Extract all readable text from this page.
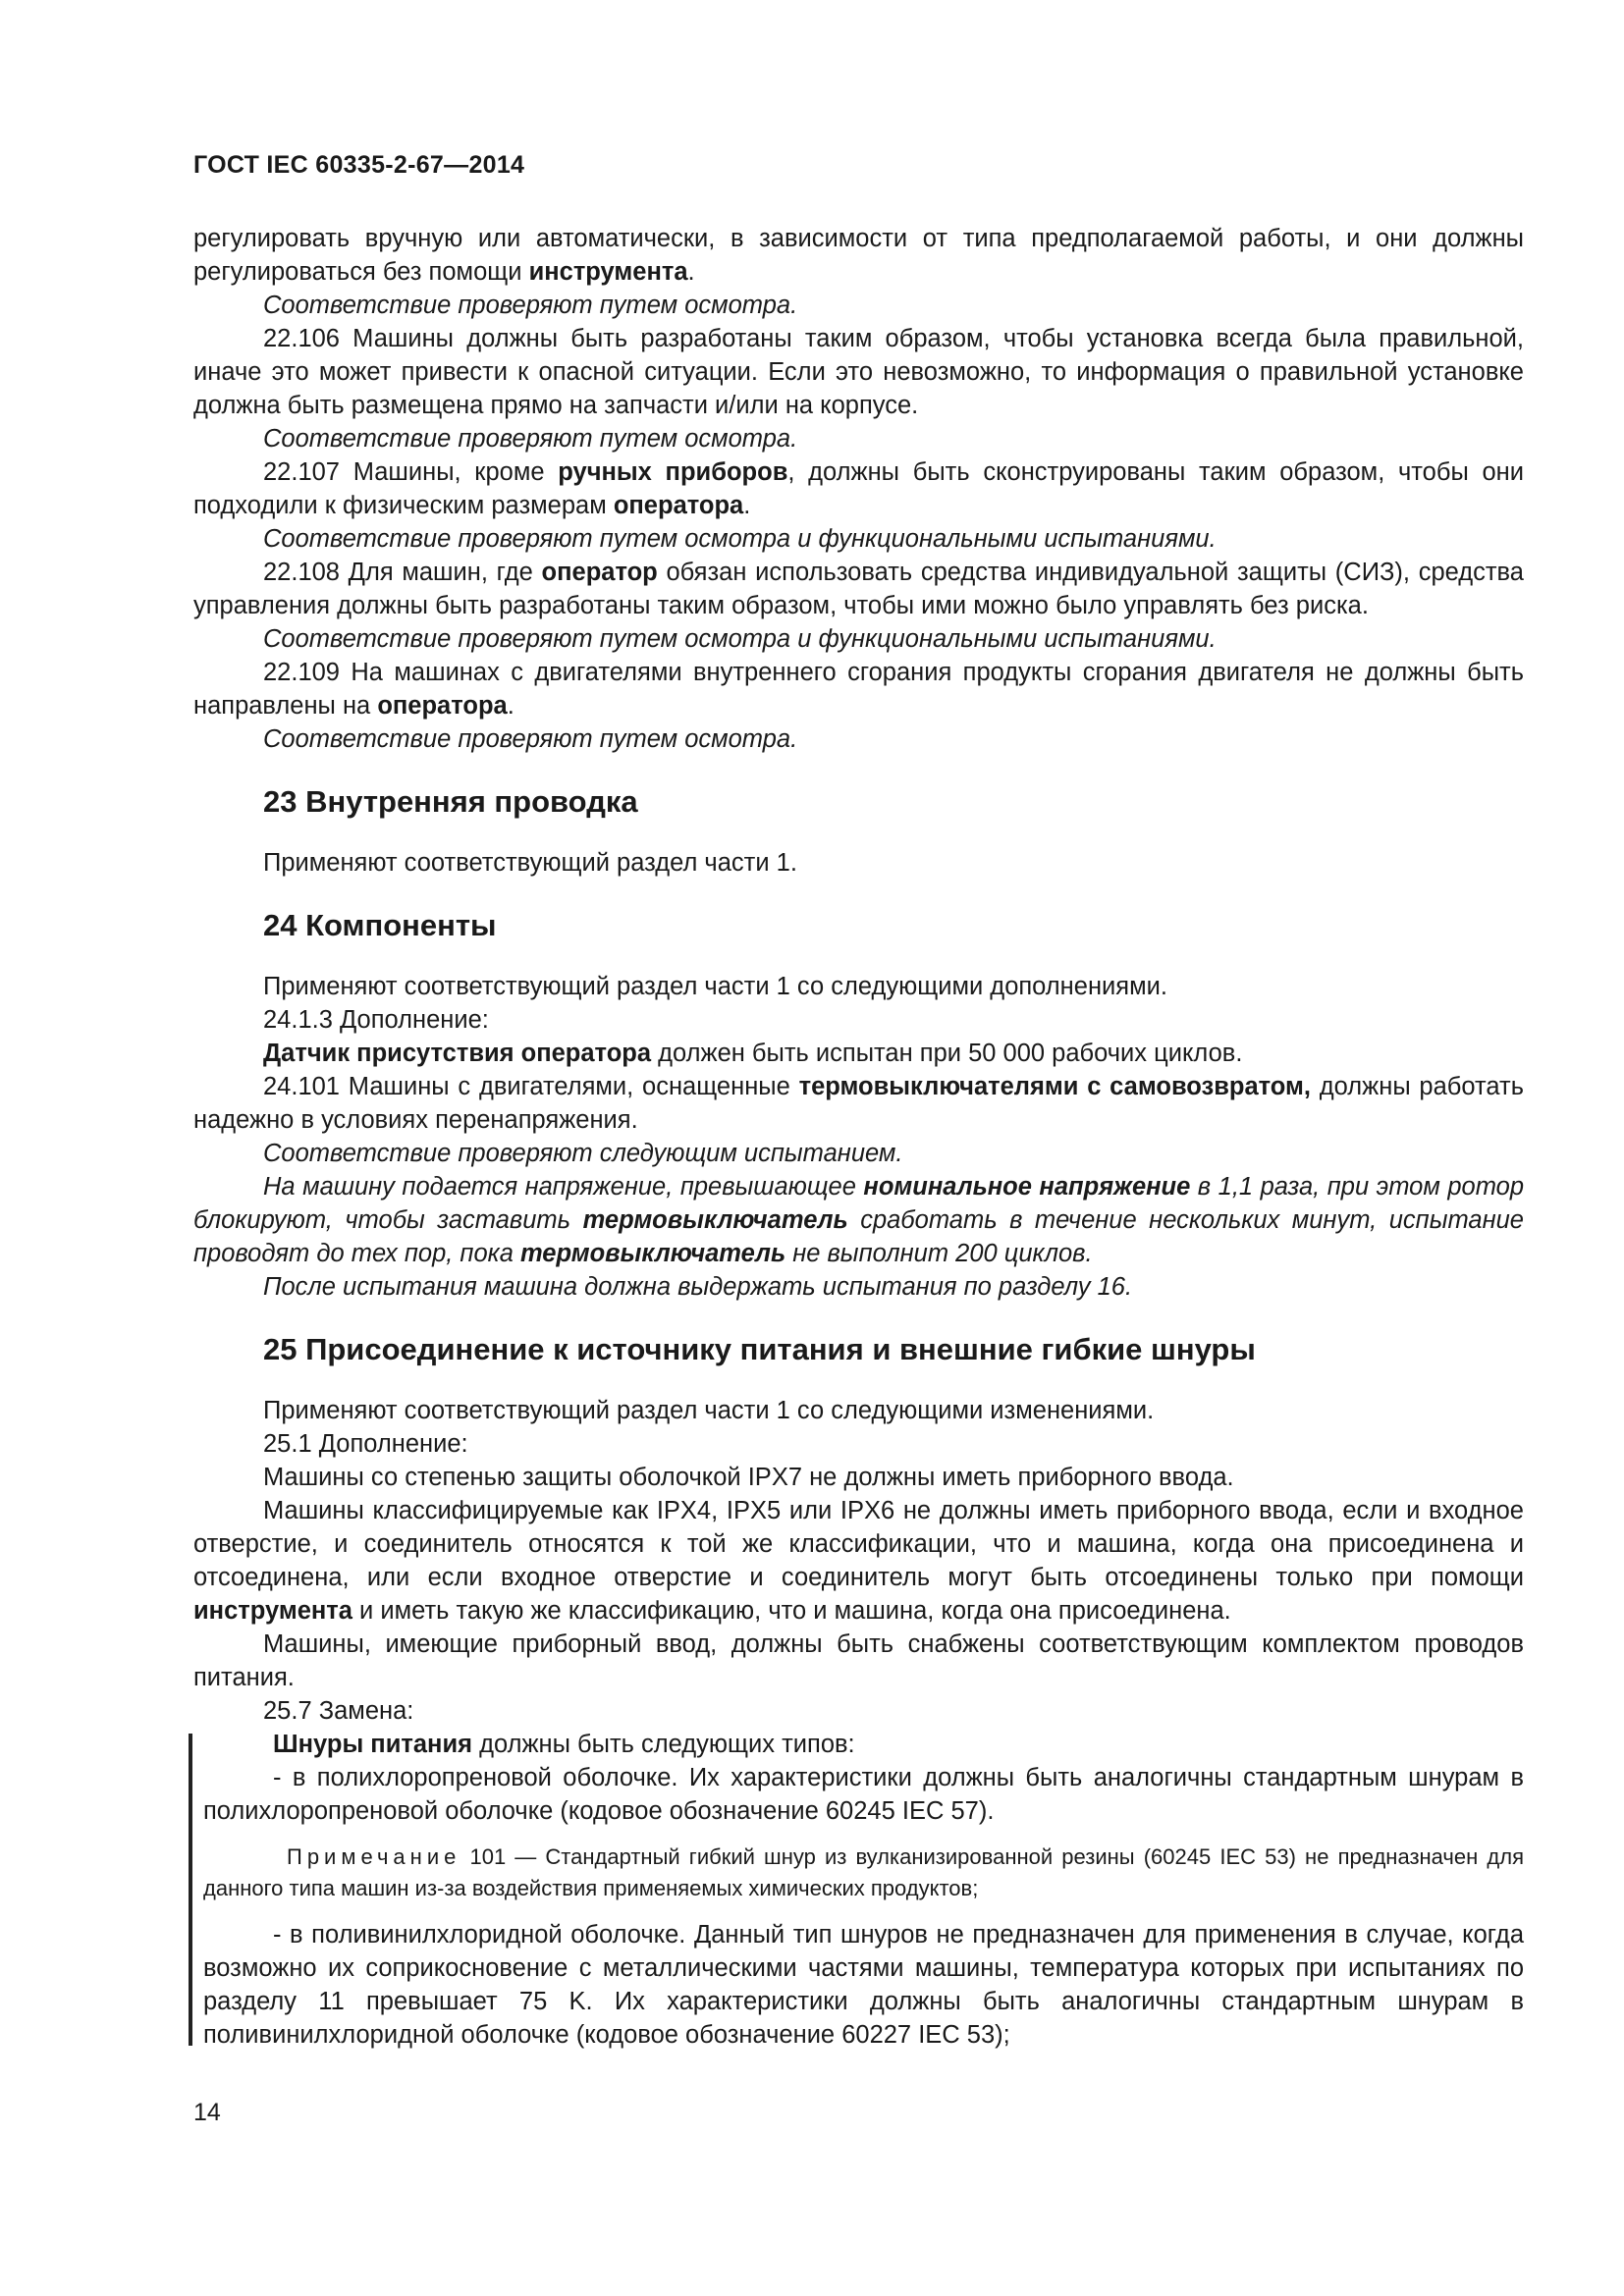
ГОСТ IEC 60335-2-67—2014

регулировать вручную или автоматически, в зависимости от типа предполагаемой работы, и они должны регулироваться без помощи инструмента.

Соответствие проверяют путем осмотра.

22.106 Машины должны быть разработаны таким образом, чтобы установка всегда была правильной, иначе это может привести к опасной ситуации. Если это невозможно, то информация о правильной установке должна быть размещена прямо на запчасти и/или на корпусе.

Соответствие проверяют путем осмотра.

22.107 Машины, кроме ручных приборов, должны быть сконструированы таким образом, чтобы они подходили к физическим размерам оператора.

Соответствие проверяют путем осмотра и функциональными испытаниями.

22.108 Для машин, где оператор обязан использовать средства индивидуальной защиты (СИЗ), средства управления должны быть разработаны таким образом, чтобы ими можно было управлять без риска.

Соответствие проверяют путем осмотра и функциональными испытаниями.

22.109 На машинах с двигателями внутреннего сгорания продукты сгорания двигателя не должны быть направлены на оператора.

Соответствие проверяют путем осмотра.

23 Внутренняя проводка

Применяют соответствующий раздел части 1.

24 Компоненты

Применяют соответствующий раздел части 1 со следующими дополнениями.

24.1.3 Дополнение:

Датчик присутствия оператора должен быть испытан при 50 000 рабочих циклов.

24.101 Машины с двигателями, оснащенные термовыключателями с самовозвратом, должны работать надежно в условиях перенапряжения.

Соответствие проверяют следующим испытанием.

На машину подается напряжение, превышающее номинальное напряжение в 1,1 раза, при этом ротор блокируют, чтобы заставить термовыключатель сработать в течение нескольких минут, испытание проводят до тех пор, пока термовыключатель не выполнит 200 циклов.

После испытания машина должна выдержать испытания по разделу 16.

25 Присоединение к источнику питания и внешние гибкие шнуры

Применяют соответствующий раздел части 1 со следующими изменениями.

25.1 Дополнение:

Машины со степенью защиты оболочкой IPX7 не должны иметь приборного ввода.

Машины классифицируемые как IPX4, IPX5 или IPX6 не должны иметь приборного ввода, если и входное отверстие, и соединитель относятся к той же классификации, что и машина, когда она присоединена и отсоединена, или если входное отверстие и соединитель могут быть отсоединены только при помощи инструмента и иметь такую же классификацию, что и машина, когда она присоединена.

Машины, имеющие приборный ввод, должны быть снабжены соответствующим комплектом проводов питания.

25.7 Замена:

Шнуры питания должны быть следующих типов:

- в полихлоропреновой оболочке. Их характеристики должны быть аналогичны стандартным шнурам в полихлоропреновой оболочке (кодовое обозначение 60245 IEC 57).

Примечание 101 — Стандартный гибкий шнур из вулканизированной резины (60245 IEC 53) не предназначен для данного типа машин из-за воздействия применяемых химических продуктов;

- в поливинилхлоридной оболочке. Данный тип шнуров не предназначен для применения в случае, когда возможно их соприкосновение с металлическими частями машины, температура которых при испытаниях по разделу 11 превышает 75 K. Их характеристики должны быть аналогичны стандартным шнурам в поливинилхлоридной оболочке (кодовое обозначение 60227 IEC 53);

14
